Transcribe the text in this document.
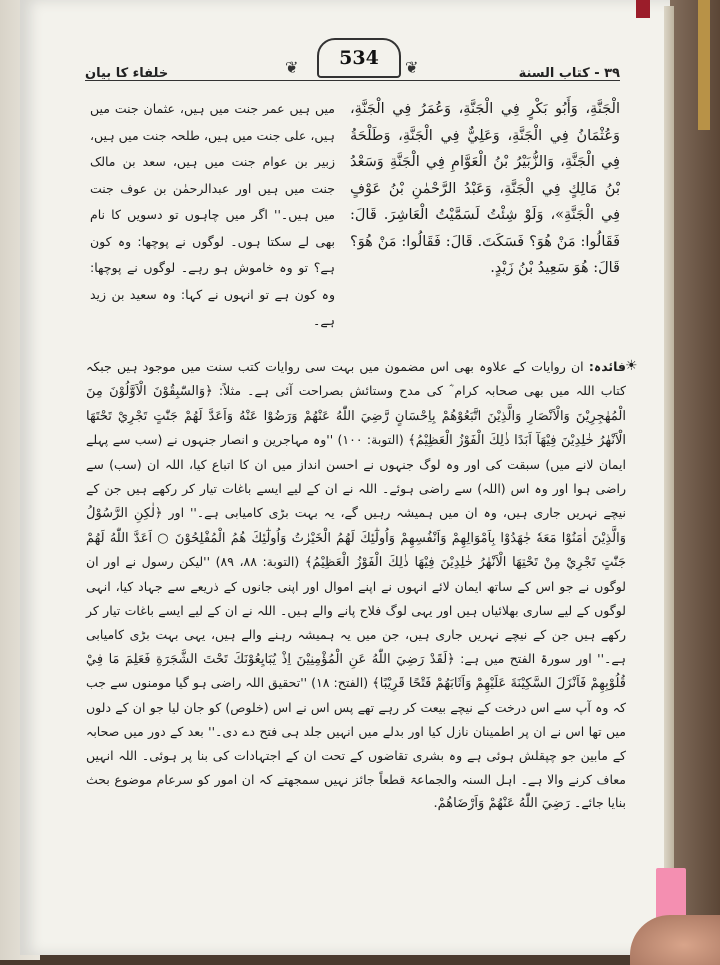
خلفاء کا بیان	❦	534	❦	۳۹ - کتاب السنة

الْجَنَّةِ، وَأَبُو بَكْرٍ فِي الْجَنَّةِ، وَعُمَرُ فِي الْجَنَّةِ، وَعُثْمَانُ فِي الْجَنَّةِ، وَعَلِيٌّ فِي الْجَنَّةِ، وَطَلْحَةُ فِي الْجَنَّةِ، وَالزُّبَيْرُ بْنُ الْعَوَّامِ فِي الْجَنَّةِ وَسَعْدُ بْنُ مَالِكٍ فِي الْجَنَّةِ، وَعَبْدُ الرَّحْمٰنِ بْنُ عَوْفٍ فِي الْجَنَّةِ»، وَلَوْ شِئْتُ لَسَمَّيْتُ الْعَاشِرَ. قَالَ: فَقَالُوا: مَنْ هُوَ؟ فَسَكَتَ. قَالَ: فَقَالُوا: مَنْ هُوَ؟ قَالَ: هُوَ سَعِيدُ بْنُ زَيْدٍ.

میں ہیں عمر جنت میں ہیں، عثمان جنت میں ہیں، علی جنت میں ہیں، طلحہ جنت میں ہیں، زبیر بن عوام جنت میں ہیں، سعد بن مالک جنت میں ہیں اور عبدالرحمٰن بن عوف جنت میں ہیں۔'' اگر میں چاہوں تو دسویں کا نام بھی لے سکتا ہوں۔ لوگوں نے پوچھا: وہ کون ہے؟ تو وہ خاموش ہو رہے۔ لوگوں نے پوچھا: وہ کون ہے تو انہوں نے کہا: وہ سعید بن زید ہے۔

☀

فائدہ: ان روایات کے علاوہ بھی اس مضمون میں بہت سی روایات کتب سنت میں موجود ہیں جبکہ کتاب اللہ میں بھی صحابہ کرام ؓ کی مدح وستائش بصراحت آئی ہے۔ مثلاً: ﴿وَالسّٰبِقُوْنَ الْاَوَّلُوْنَ مِنَ الْمُهٰجِرِيْنَ وَالْاَنْصَارِ وَالَّذِيْنَ اتَّبَعُوْهُمْ بِاِحْسَانٍ رَّضِيَ اللّٰهُ عَنْهُمْ وَرَضُوْا عَنْهُ وَاَعَدَّ لَهُمْ جَنّٰتٍ تَجْرِيْ تَحْتَهَا الْاَنْهٰرُ خٰلِدِيْنَ فِيْهَآ اَبَدًا ذٰلِكَ الْفَوْزُ الْعَظِيْمُ﴾ (التوبة: ۱۰۰) ''وہ مہاجرین و انصار جنہوں نے (سب سے پہلے ایمان لانے میں) سبقت کی اور وہ لوگ جنہوں نے احسن انداز میں ان کا اتباع کیا، اللہ ان (سب) سے راضی ہوا اور وہ اس (اللہ) سے راضی ہوئے۔ اللہ نے ان کے لیے ایسے باغات تیار کر رکھے ہیں جن کے نیچے نہریں جاری ہیں، وہ ان میں ہمیشہ رہیں گے، یہ بہت بڑی کامیابی ہے۔'' اور ﴿لٰكِنِ الرَّسُوْلُ وَالَّذِيْنَ اٰمَنُوْا مَعَهٗ جٰهَدُوْا بِاَمْوَالِهِمْ وَاَنْفُسِهِمْ وَاُولٰٓئِكَ لَهُمُ الْخَيْرٰتُ وَاُولٰٓئِكَ هُمُ الْمُفْلِحُوْنَ ○ اَعَدَّ اللّٰهُ لَهُمْ جَنّٰتٍ تَجْرِيْ مِنْ تَحْتِهَا الْاَنْهٰرُ خٰلِدِيْنَ فِيْهَا ذٰلِكَ الْفَوْزُ الْعَظِيْمُ﴾ (التوبة: ۸۸، ۸۹) ''لیکن رسول نے اور ان لوگوں نے جو اس کے ساتھ ایمان لائے انہوں نے اپنے اموال اور اپنی جانوں کے ذریعے سے جہاد کیا، انہی لوگوں کے لیے ساری بھلائیاں ہیں اور یہی لوگ فلاح پانے والے ہیں۔ اللہ نے ان کے لیے ایسے باغات تیار کر رکھے ہیں جن کے نیچے نہریں جاری ہیں، جن میں یہ ہمیشہ رہنے والے ہیں، یہی بہت بڑی کامیابی ہے۔'' اور سورۃ الفتح میں ہے: ﴿لَقَدْ رَضِيَ اللّٰهُ عَنِ الْمُؤْمِنِيْنَ اِذْ يُبَايِعُوْنَكَ تَحْتَ الشَّجَرَةِ فَعَلِمَ مَا فِيْ قُلُوْبِهِمْ فَاَنْزَلَ السَّكِيْنَةَ عَلَيْهِمْ وَاَثَابَهُمْ فَتْحًا قَرِيْبًا﴾ (الفتح: ۱۸) ''تحقیق اللہ راضی ہو گیا مومنوں سے جب کہ وہ آپ سے اس درخت کے نیچے بیعت کر رہے تھے پس اس نے اس (خلوص) کو جان لیا جو ان کے دلوں میں تھا اس نے ان پر اطمینان نازل کیا اور بدلے میں انہیں جلد ہی فتح دے دی۔'' بعد کے دور میں صحابہ کے مابین جو چپقلش ہوئی ہے وہ بشری تقاضوں کے تحت ان کے اجتہادات کی بنا پر ہوئی۔ اللہ انہیں معاف کرنے والا ہے۔ اہل السنہ والجماعۃ قطعاً جائز نہیں سمجھتے کہ ان امور کو سرعام موضوع بحث بنایا جائے۔ رَضِيَ اللّٰهُ عَنْهُمْ وَاَرْضَاهُمْ.
